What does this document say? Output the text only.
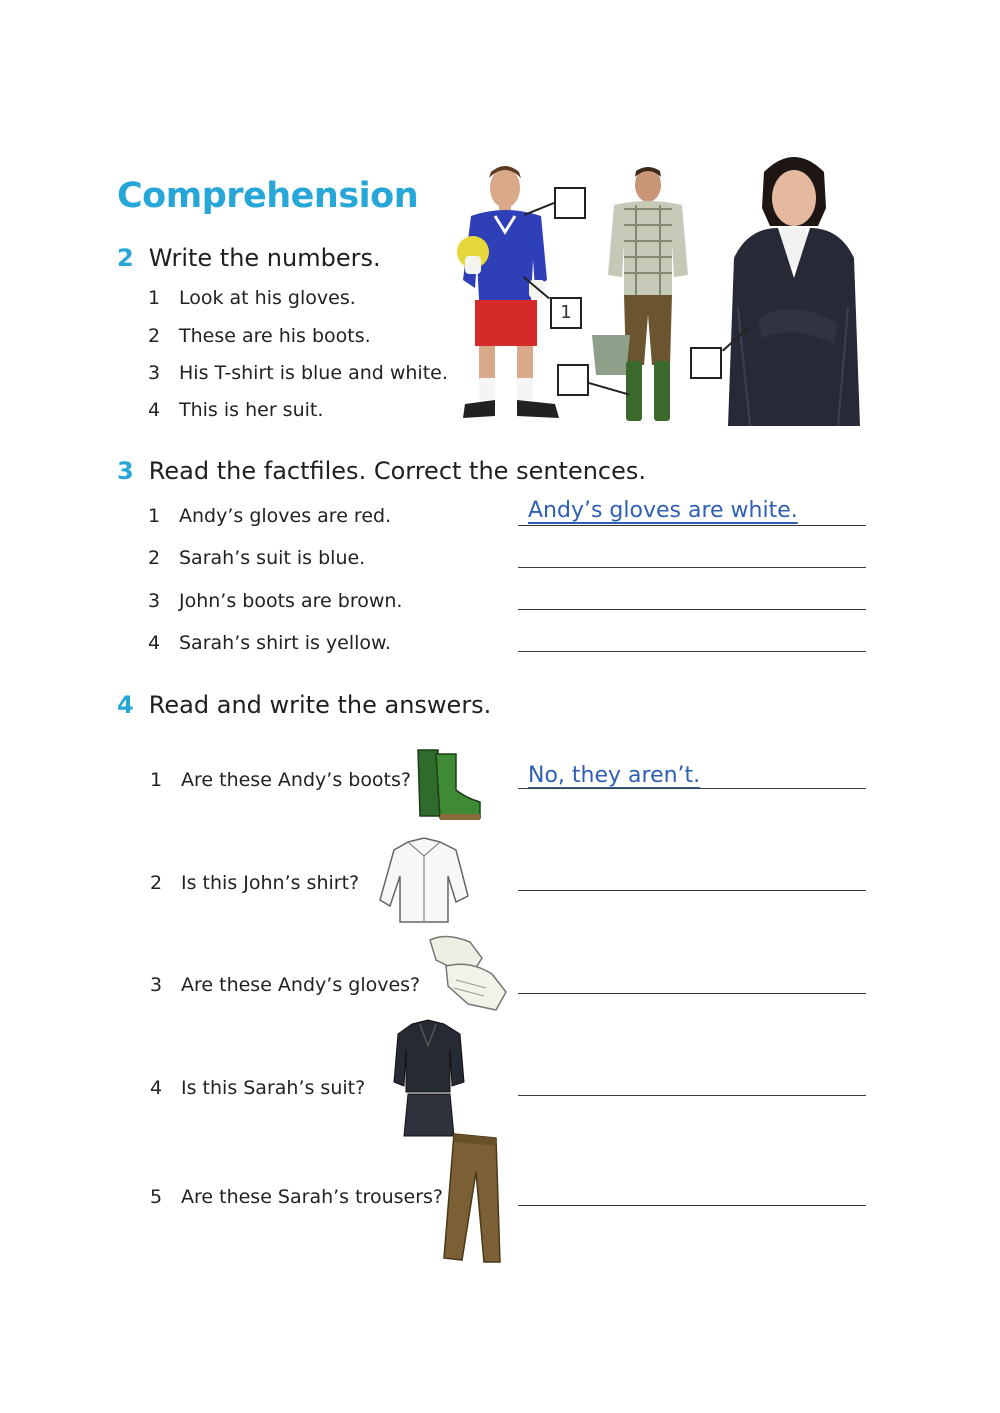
Comprehension
2 Write the numbers.
1 Look at his gloves.
2 These are his boots.
3 His T-shirt is blue and white.
4 This is her suit.
1
3 Read the factfiles. Correct the sentences.
1 Andy’s gloves are red.	Andy’s gloves are white.
2 Sarah’s suit is blue.
3 John’s boots are brown.
4 Sarah’s shirt is yellow.
4 Read and write the answers.
1 Are these Andy’s boots?	No, they aren’t.
2 Is this John’s shirt?
3 Are these Andy’s gloves?
4 Is this Sarah’s suit?
5 Are these Sarah’s trousers?
